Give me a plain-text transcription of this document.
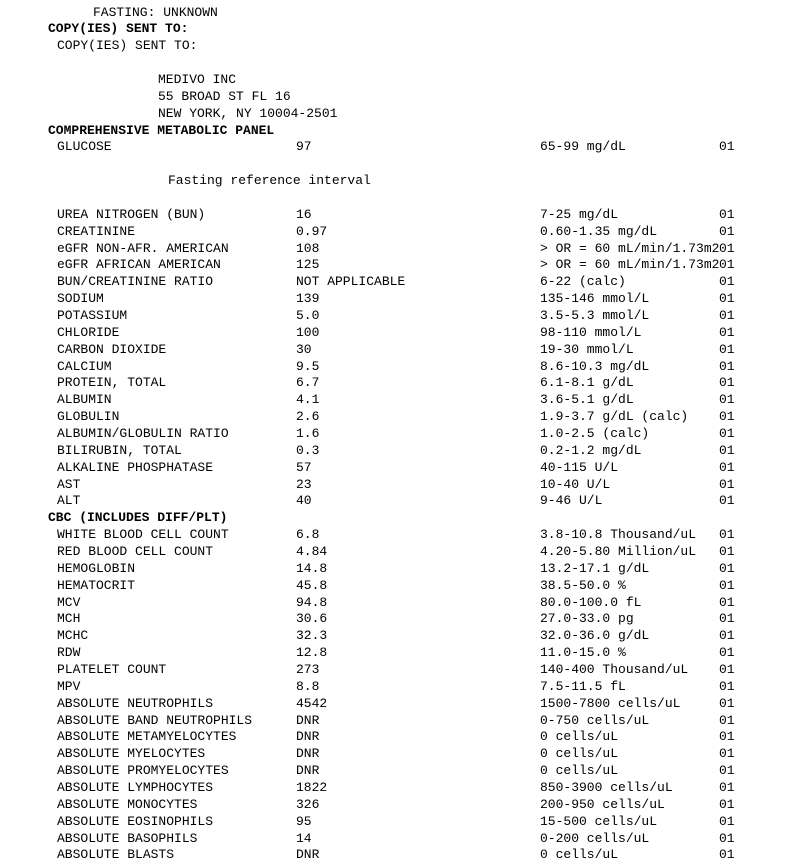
FASTING: UNKNOWN
COPY(IES) SENT TO:
COPY(IES) SENT TO:
MEDIVO INC
55 BROAD ST FL 16
NEW YORK, NY 10004-2501
COMPREHENSIVE METABOLIC PANEL
GLUCOSE	97	65-99 mg/dL	01
Fasting reference interval
UREA NITROGEN (BUN)	16	7-25 mg/dL	01
CREATININE	0.97	0.60-1.35 mg/dL	01
eGFR NON-AFR. AMERICAN	108	> OR = 60 mL/min/1.73m2 01
eGFR AFRICAN AMERICAN	125	> OR = 60 mL/min/1.73m2 01
BUN/CREATININE RATIO	NOT APPLICABLE	6-22 (calc)	01
SODIUM	139	135-146 mmol/L	01
POTASSIUM	5.0	3.5-5.3 mmol/L	01
CHLORIDE	100	98-110 mmol/L	01
CARBON DIOXIDE	30	19-30 mmol/L	01
CALCIUM	9.5	8.6-10.3 mg/dL	01
PROTEIN, TOTAL	6.7	6.1-8.1 g/dL	01
ALBUMIN	4.1	3.6-5.1 g/dL	01
GLOBULIN	2.6	1.9-3.7 g/dL (calc) 01
ALBUMIN/GLOBULIN RATIO	1.6	1.0-2.5 (calc)	01
BILIRUBIN, TOTAL	0.3	0.2-1.2 mg/dL	01
ALKALINE PHOSPHATASE	57	40-115 U/L	01
AST	23	10-40 U/L	01
ALT	40	9-46 U/L	01
CBC (INCLUDES DIFF/PLT)
WHITE BLOOD CELL COUNT	6.8	3.8-10.8 Thousand/uL 01
RED BLOOD CELL COUNT	4.84	4.20-5.80 Million/uL 01
HEMOGLOBIN	14.8	13.2-17.1 g/dL	01
HEMATOCRIT	45.8	38.5-50.0 %	01
MCV	94.8	80.0-100.0 fL	01
MCH	30.6	27.0-33.0 pg	01
MCHC	32.3	32.0-36.0 g/dL	01
RDW	12.8	11.0-15.0 %	01
PLATELET COUNT	273	140-400 Thousand/uL 01
MPV	8.8	7.5-11.5 fL	01
ABSOLUTE NEUTROPHILS	4542	1500-7800 cells/uL	01
ABSOLUTE BAND NEUTROPHILS	DNR	0-750 cells/uL	01
ABSOLUTE METAMYELOCYTES	DNR	0 cells/uL	01
ABSOLUTE MYELOCYTES	DNR	0 cells/uL	01
ABSOLUTE PROMYELOCYTES	DNR	0 cells/uL	01
ABSOLUTE LYMPHOCYTES	1822	850-3900 cells/uL	01
ABSOLUTE MONOCYTES	326	200-950 cells/uL	01
ABSOLUTE EOSINOPHILS	95	15-500 cells/uL	01
ABSOLUTE BASOPHILS	14	0-200 cells/uL	01
ABSOLUTE BLASTS	DNR	0 cells/uL	01
